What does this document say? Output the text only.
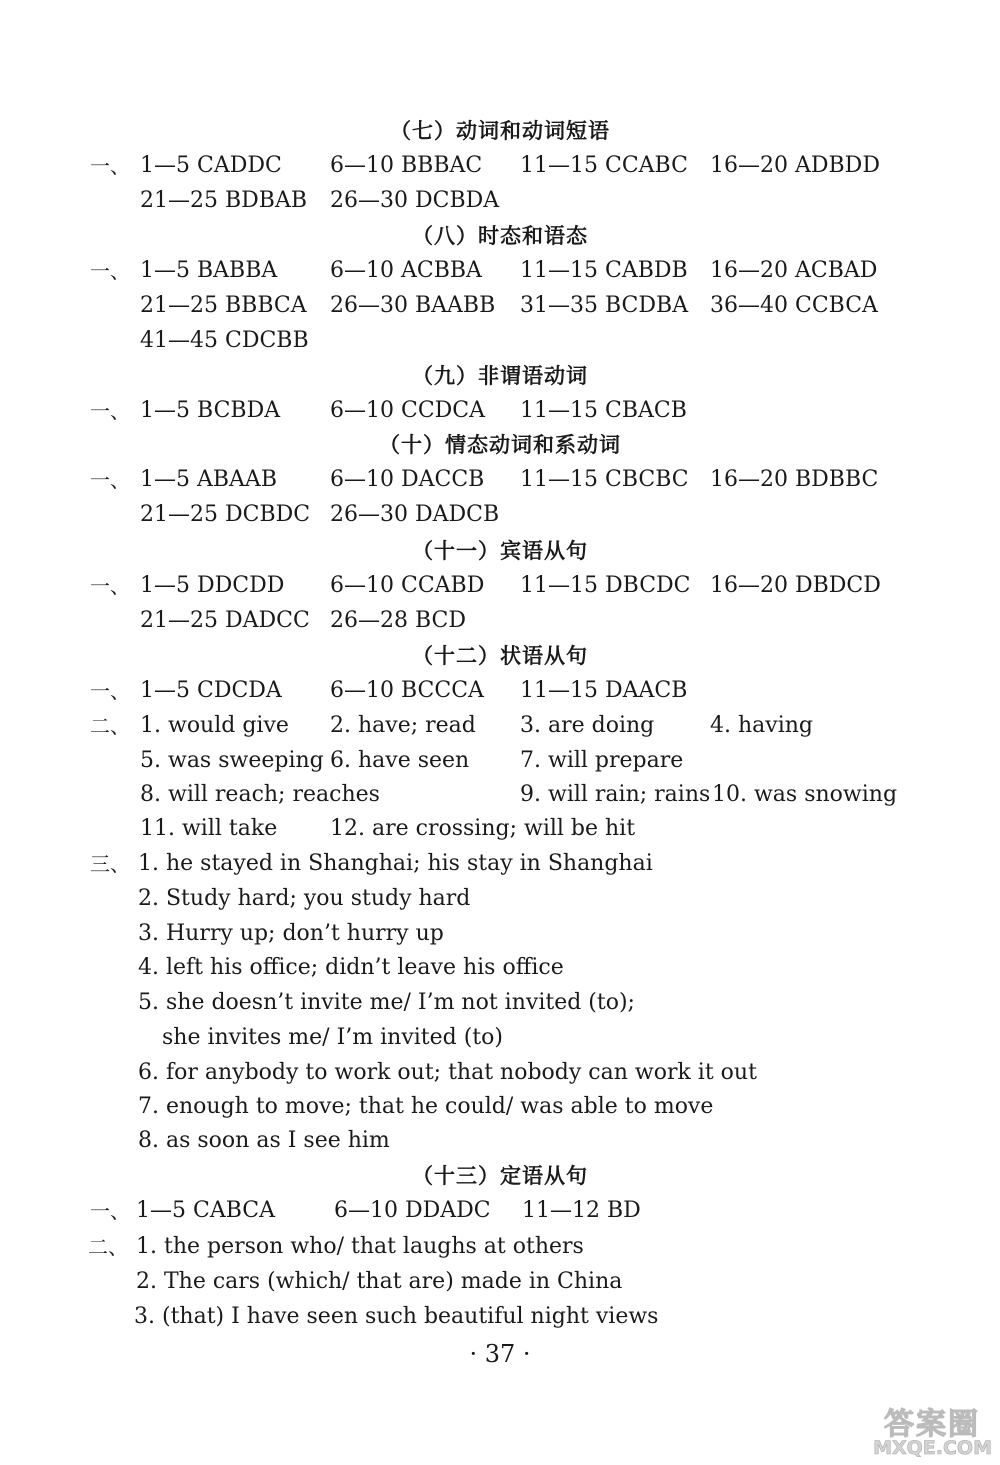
（七）动词和动词短语
一、 1—5 CADDC 6—10 BBBAC 11—15 CCABC 16—20 ADBDD
21—25 BDBAB 26—30 DCBDA
（八）时态和语态
一、 1—5 BABBA 6—10 ACBBA 11—15 CABDB 16—20 ACBAD
21—25 BBBCA 26—30 BAABB 31—35 BCDBA 36—40 CCBCA
41—45 CDCBB
（九）非谓语动词
一、 1—5 BCBDA 6—10 CCDCA 11—15 CBACB
（十）情态动词和系动词
一、 1—5 ABAAB 6—10 DACCB 11—15 CBCBC 16—20 BDBBC
21—25 DCBDC 26—30 DADCB
（十一）宾语从句
一、 1—5 DDCDD 6—10 CCABD 11—15 DBCDC 16—20 DBDCD
21—25 DADCC 26—28 BCD
（十二）状语从句
一、 1—5 CDCDA 6—10 BCCCA 11—15 DAACB
二、 1. would give 2. have; read 3. are doing	4. having
5. was sweeping 6. have seen 7. will prepare
8. will reach; reaches	9. will rain; rains 10. was snowing
11. will take 12. are crossing; will be hit
三、 1. he stayed in Shanghai; his stay in Shanghai
2. Study hard; you study hard
3. Hurry up; don’t hurry up
4. left his office; didn’t leave his office
5. she doesn’t invite me/ I’m not invited (to);
she invites me/ I’m invited (to)
6. for anybody to work out; that nobody can work it out
7. enough to move; that he could/ was able to move
8. as soon as I see him
（十三）定语从句
一、 1—5 CABCA	6—10 DDADC 11—12 BD
二、 1. the person who/ that laughs at others
2. The cars (which/ that are) made in China
3. (that) I have seen such beautiful night views
· 37 ·
答案圈
MXQE.COM
